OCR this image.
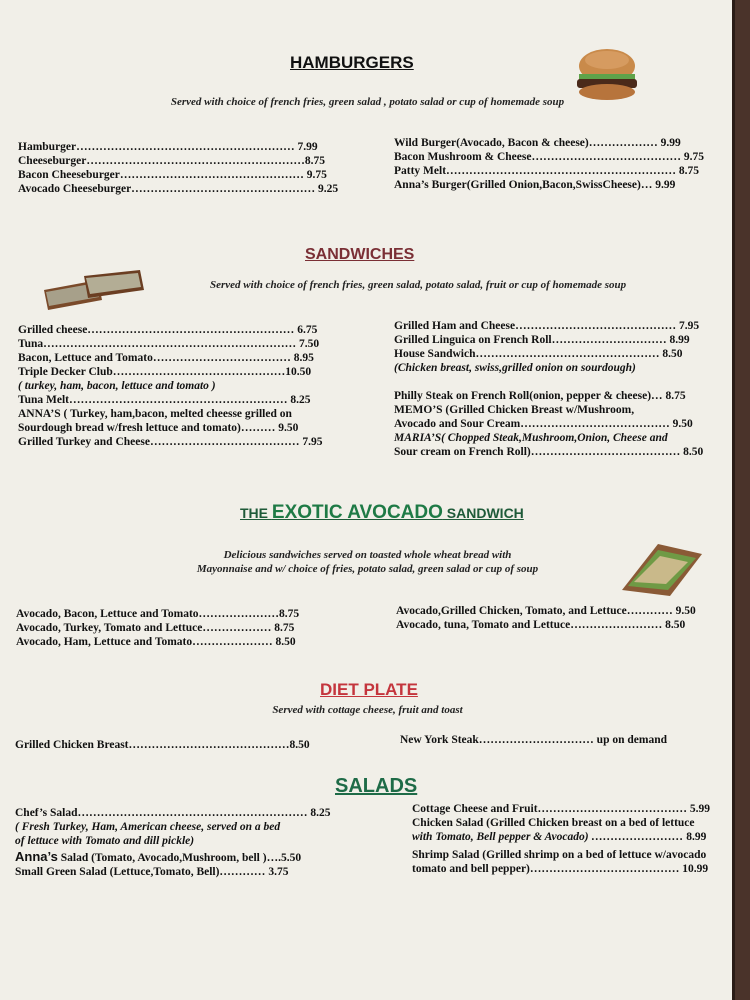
HAMBURGERS
Served with choice of french fries, green salad , potato salad or cup of homemade soup
Hamburger………………………………………………… 7.99
Cheeseburger…………………………………………………8.75
Bacon Cheeseburger………………………………………… 9.75
Avocado Cheeseburger………………………………………… 9.25
Wild Burger(Avocado, Bacon & cheese)……………… 9.99
Bacon Mushroom & Cheese………………………………… 9.75
Patty Melt…………………………………………………… 8.75
Anna’s Burger(Grilled Onion,Bacon,SwissCheese)… 9.99
SANDWICHES
Served with choice of french fries, green salad, potato salad, fruit or cup of homemade soup
Grilled cheese……………………………………………… 6.75
Tuna………………………………………………………… 7.50
Bacon, Lettuce and Tomato……………………………… 8.95
Triple Decker Club………………………………………10.50
( turkey, ham, bacon, lettuce and tomato )
Tuna Melt………………………………………………… 8.25
ANNA’S ( Turkey, ham,bacon, melted cheesse grilled on
Sourdough bread w/fresh lettuce and tomato)……… 9.50
Grilled Turkey and Cheese………………………………… 7.95
Grilled Ham and Cheese…………………………………… 7.95
Grilled Linguica on French Roll………………………… 8.99
House Sandwich………………………………………… 8.50
(Chicken breast, swiss,grilled onion on sourdough)
Philly Steak on French Roll(onion, pepper & cheese)… 8.75
MEMO’S (Grilled Chicken Breast w/Mushroom,
Avocado and Sour Cream………………………………… 9.50
MARIA’S( Chopped Steak,Mushroom,Onion, Cheese and
Sour cream on French Roll)………………………………… 8.50
THE EXOTIC AVOCADO SANDWICH
Delicious sandwiches served on toasted whole wheat bread with
Mayonnaise and w/ choice of fries, potato salad, green salad or cup of soup
Avocado, Bacon, Lettuce and Tomato…………………8.75
Avocado, Turkey, Tomato and Lettuce……………… 8.75
Avocado, Ham, Lettuce and Tomato………………… 8.50
Avocado,Grilled Chicken, Tomato, and Lettuce………… 9.50
Avocado, tuna, Tomato and Lettuce…………………… 8.50
DIET PLATE
Served with cottage cheese, fruit and toast
Grilled Chicken Breast……………………………………8.50	New York Steak………………………… up on demand
SALADS
Chef’s Salad…………………………………………………… 8.25
( Fresh Turkey, Ham, American cheese, served on a bed
of lettuce with Tomato and dill pickle)
Anna’s Salad (Tomato, Avocado,Mushroom, bell )….5.50
Small Green Salad (Lettuce,Tomato, Bell)………… 3.75
Cottage Cheese and Fruit………………………………… 5.99
Chicken Salad (Grilled Chicken breast on a bed of lettuce
with Tomato, Bell pepper & Avocado) …………………… 8.99
Shrimp Salad (Grilled shrimp on a bed of lettuce w/avocado
tomato and bell pepper)………………………………… 10.99
